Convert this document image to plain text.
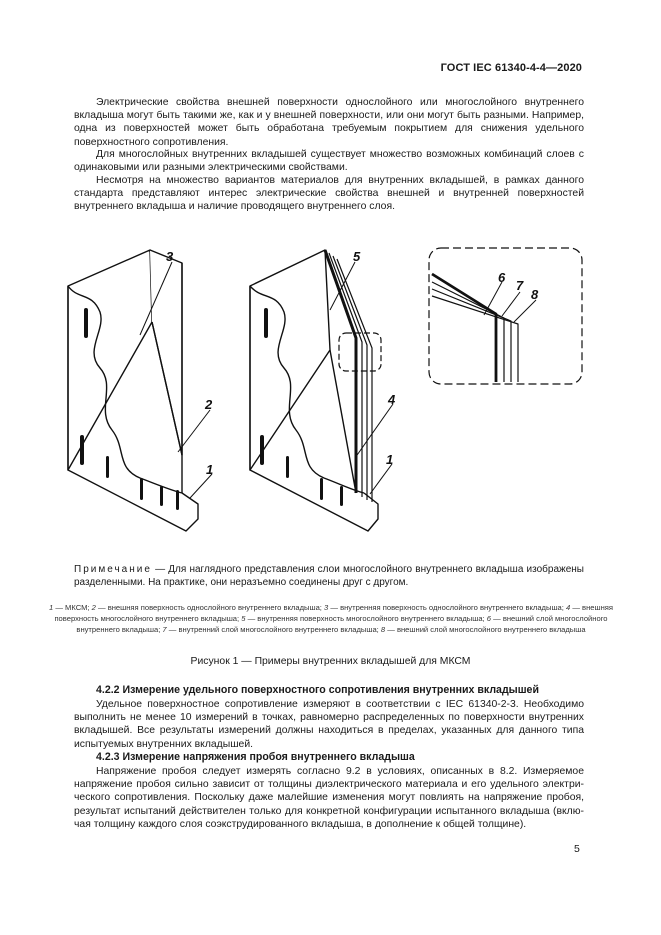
ГОСТ IEC 61340-4-4—2020

Электрические свойства внешней поверхности однослойного или многослойного внутреннего вкладыша могут быть такими же, как и у внешней поверхности, или они могут быть разными. Например, одна из поверхностей может быть обработана требуемым покрытием для снижения удельного поверхностного сопротивления.

Для многослойных внутренних вкладышей существует множество возможных комбинаций слоев с одинаковыми или разными электрическими свойствами.

Несмотря на множество вариантов материалов для внутренних вкладышей, в рамках данного стандарта представляют интерес электрические свойства внешней и внутренней поверхностей внутреннего вкладыша и наличие проводящего внутреннего слоя.

3
2
1
5
4
1
6
7
8

Примечание — Для наглядного представления слои многослойного внутреннего вкладыша изображены разделенными. На практике, они неразъемно соединены друг с другом.

1 — МКСМ; 2 — внешняя поверхность однослойного внутреннего вкладыша; 3 — внутренняя поверхность однослойного внутреннего вкладыша; 4 — внешняя поверхность многослойного внутреннего вкладыша; 5 — внутренняя поверхность многослойного внутреннего вкладыша; 6 — внешний слой многослойного внутреннего вкладыша; 7 — внутренний слой многослойного внутреннего вкладыша; 8 — внешний слой многослойного внутреннего вкладыша
Рисунок 1 — Примеры внутренних вкладышей для МКСМ
4.2.2 Измерение удельного поверхностного сопротивления внутренних вкладышей

Удельное поверхностное сопротивление измеряют в соответствии с IEC 61340-2-3. Необходимо выполнить не менее 10 измерений в точках, равномерно распределенных по поверхности внутренних вкладышей. Все результаты измерений должны находиться в пределах, указанных для данного типа испытуемых внутренних вкладышей.

4.2.3 Измерение напряжения пробоя внутреннего вкладыша

Напряжение пробоя следует измерять согласно 9.2 в условиях, описанных в 8.2. Измеряемое напряжение пробоя сильно зависит от толщины диэлектрического материала и его удельного электрического сопротивления. Поскольку даже малейшие изменения могут повлиять на напряжение пробоя, результат испытаний действителен только для конкретной конфигурации испытанного вкладыша (включая толщину каждого слоя соэкструдированного вкладыша, в дополнение к общей толщине).

5
